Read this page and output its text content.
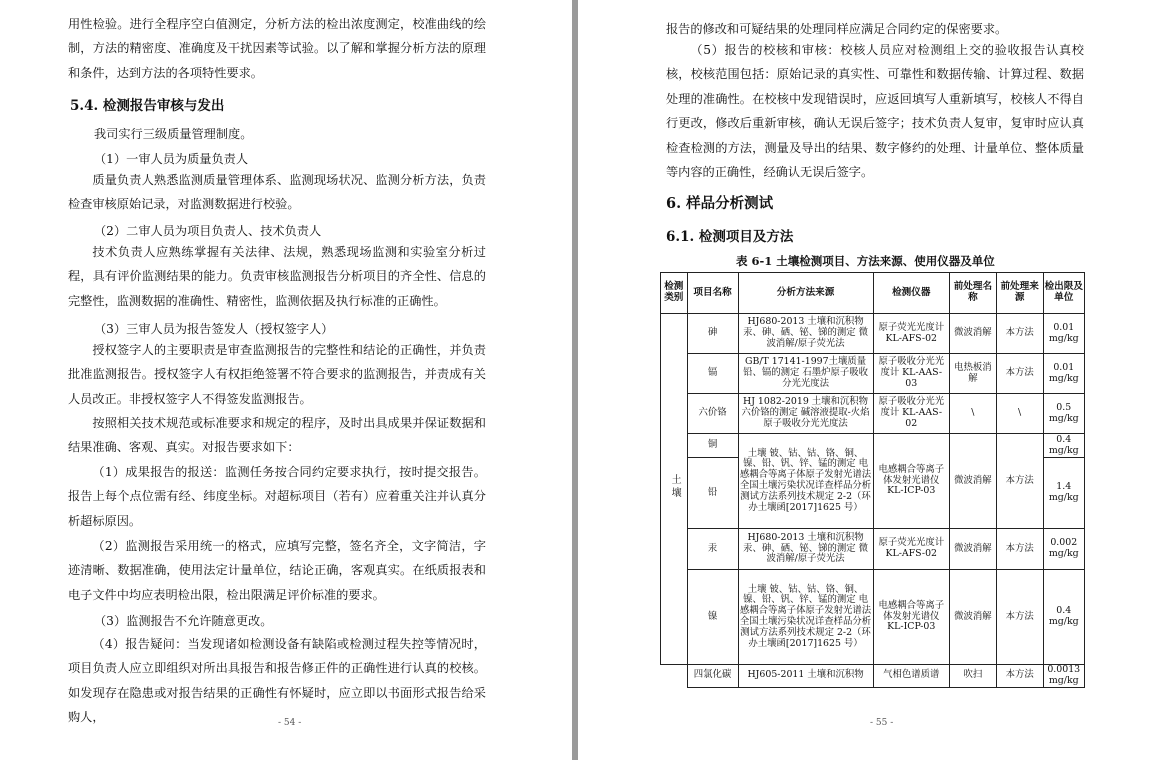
用性检验。进行全程序空白值测定，分析方法的检出浓度测定，校准曲线的绘制，方法的精密度、准确度及干扰因素等试验。以了解和掌握分析方法的原理和条件，达到方法的各项特性要求。

5.4. 检测报告审核与发出

我司实行三级质量管理制度。

（1）一审人员为质量负责人

质量负责人熟悉监测质量管理体系、监测现场状况、监测分析方法，负责检查审核原始记录，对监测数据进行校验。

（2）二审人员为项目负责人、技术负责人

技术负责人应熟练掌握有关法律、法规，熟悉现场监测和实验室分析过程，具有评价监测结果的能力。负责审核监测报告分析项目的齐全性、信息的完整性，监测数据的准确性、精密性，监测依据及执行标准的正确性。

（3）三审人员为报告签发人（授权签字人）

授权签字人的主要职责是审查监测报告的完整性和结论的正确性，并负责批准监测报告。授权签字人有权拒绝签署不符合要求的监测报告，并责成有关人员改正。非授权签字人不得签发监测报告。

按照相关技术规范或标准要求和规定的程序，及时出具成果并保证数据和结果准确、客观、真实。对报告要求如下：

（1）成果报告的报送：监测任务按合同约定要求执行，按时提交报告。报告上每个点位需有经、纬度坐标。对超标项目（若有）应着重关注并认真分析超标原因。

（2）监测报告采用统一的格式，应填写完整，签名齐全，文字简洁，字迹清晰、数据准确，使用法定计量单位，结论正确，客观真实。在纸质报表和电子文件中均应表明检出限，检出限满足评价标准的要求。

（3）监测报告不允许随意更改。

（4）报告疑问：当发现诸如检测设备有缺陷或检测过程失控等情况时，项目负责人应立即组织对所出具报告和报告修正件的正确性进行认真的校核。如发现存在隐患或对报告结果的正确性有怀疑时，应立即以书面形式报告给采购人，	- 54 -

报告的修改和可疑结果的处理同样应满足合同约定的保密要求。

（5）报告的校核和审核：校核人员应对检测组上交的验收报告认真校核，校核范围包括：原始记录的真实性、可靠性和数据传输、计算过程、数据处理的准确性。在校核中发现错误时，应返回填写人重新填写，校核人不得自行更改，修改后重新审核，确认无误后签字；技术负责人复审，复审时应认真检查检测的方法，测量及导出的结果、数字修约的处理、计量单位、整体质量等内容的正确性，经确认无误后签字。

6. 样品分析测试

6.1. 检测项目及方法

表 6-1 土壤检测项目、方法来源、使用仪器及单位

检测类别	项目名称	分析方法来源	检测仪器	前处理名称	前处理来源	检出限及单位
土壤	砷	HJ680-2013 土壤和沉积物汞、砷、硒、铋、锑的测定 微波消解/原子荧光法	原子荧光光度计 KL-AFS-02	微波消解	本方法	0.01 mg/kg
	镉	GB/T 17141-1997土壤质量 铅、镉的测定 石墨炉原子吸收分光光度法	原子吸收分光光度计 KL-AAS-03	电热板消解	本方法	0.01 mg/kg
	六价铬	HJ 1082-2019 土壤和沉积物 六价铬的测定 碱溶液提取-火焰原子吸收分光光度法	原子吸收分光光度计 KL-AAS-02	\	\	0.5 mg/kg
	铜	土壤 铍、钴、钴、铬、铜、镍、铅、钒、锌、锰的测定 电感耦合等离子体原子发射光谱法 全国土壤污染状况详查样品分析测试方法系列技术规定 2-2（环办土壤函[2017]1625 号）	电感耦合等离子体发射光谱仪 KL-ICP-03	微波消解	本方法	0.4 mg/kg
	铅					1.4 mg/kg
	汞	HJ680-2013 土壤和沉积物汞、砷、硒、铋、锑的测定 微波消解/原子荧光法	原子荧光光度计 KL-AFS-02	微波消解	本方法	0.002 mg/kg
	镍	土壤 铍、钴、钴、铬、铜、镍、铅、钒、锌、锰的测定 电感耦合等离子体原子发射光谱法 全国土壤污染状况详查样品分析测试方法系列技术规定 2-2（环办土壤函[2017]1625 号）	电感耦合等离子体发射光谱仪 KL-ICP-03	微波消解	本方法	0.4 mg/kg
	四氯化碳	HJ605-2011 土壤和沉积物	气相色谱质谱	吹扫	本方法	0.0013 mg/kg

- 55 -
